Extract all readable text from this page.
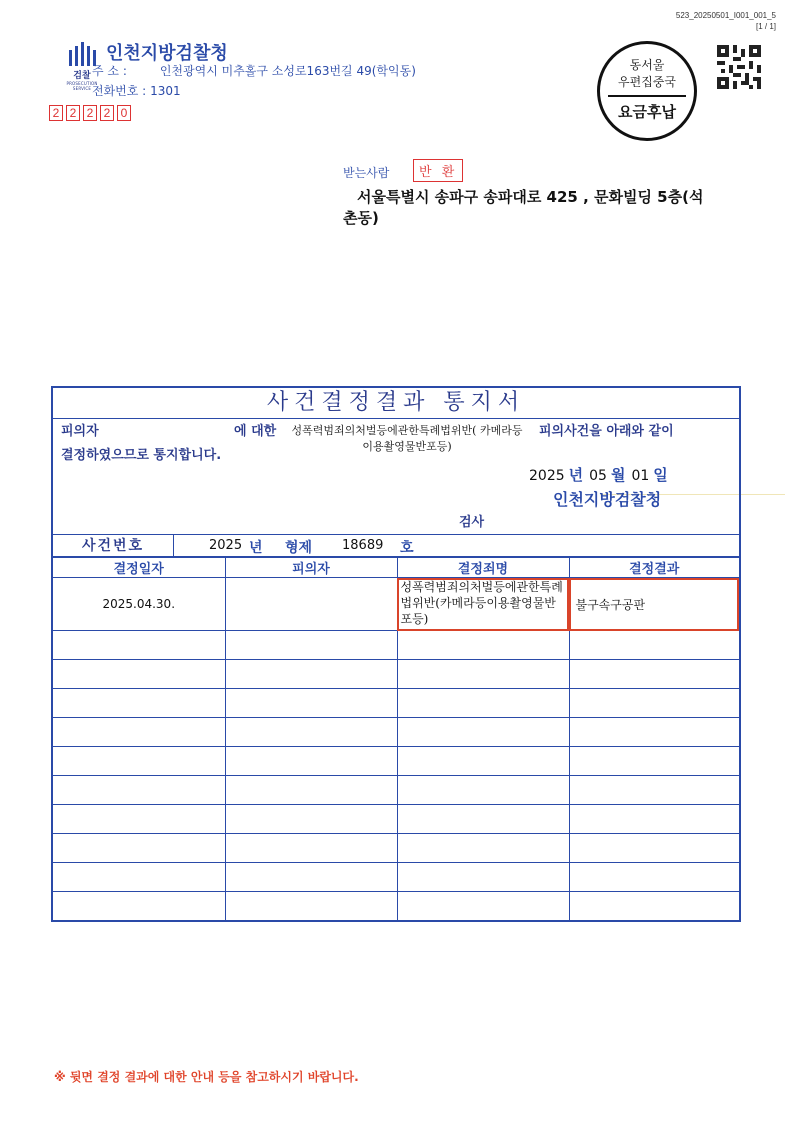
523_20250501_I001_001_5
[1 / 1]
검찰
PROSECUTION SERVICE
인천지방검찰청
주 소 :	인천광역시 미추홀구 소성로163번길 49(학익동)
전화번호 : 1301
2 2 2 2 0
동서울
우편집중국
요금후납
받는사람	반 환
서울특별시 송파구 송파대로 425 , 문화빌딩 5층(석촌동)
사건결정결과 통지서
피의자	에 대한	성폭력범죄의처벌등에관한특례법위반( 카메라등이용촬영물반포등)
피의사건을 아래와 같이
결정하였으므로 통지합니다.
2025 년 05 월 01 일
인천지방검찰청
검사
사건번호	2025 년 형제 18689 호
결정일자	피의자	결정죄명	결정결과
2025.04.30.		성폭력범죄의처벌등에관한특례법위반(카메라등이용촬영물반포등)	불구속구공판

※ 뒷면 결정 결과에 대한 안내 등을 참고하시기 바랍니다.
